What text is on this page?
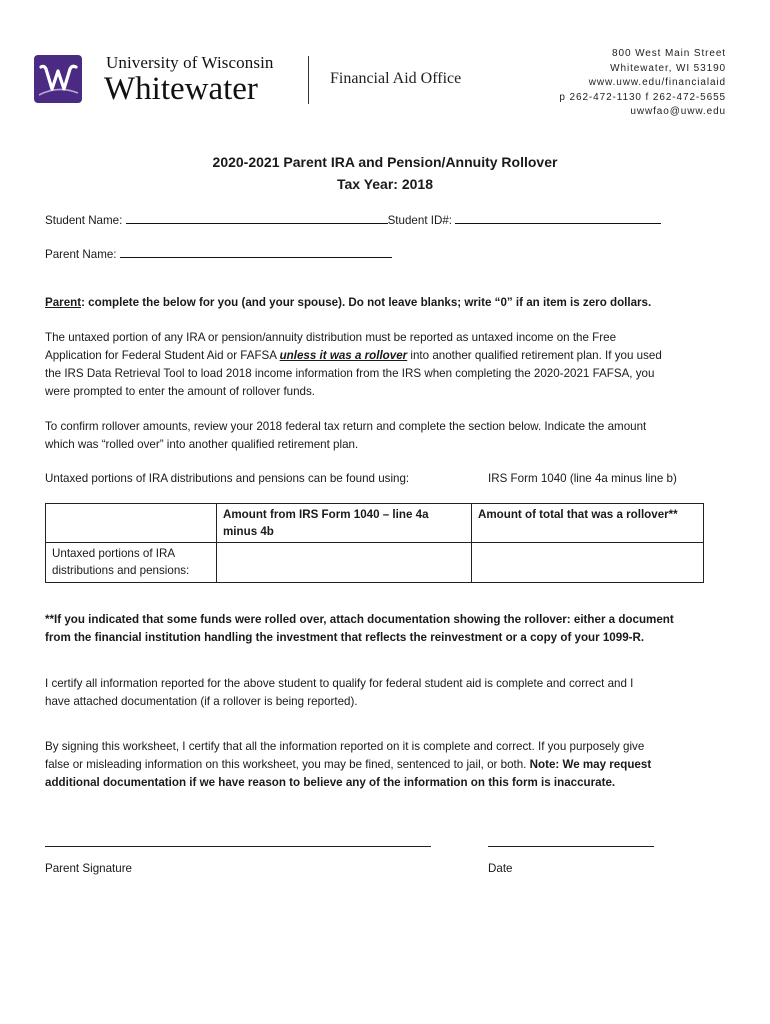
University of Wisconsin
Whitewater	Financial Aid Office
800 West Main Street
Whitewater, WI 53190
www.uww.edu/financialaid
p 262-472-1130 f 262-472-5655
uwwfao@uww.edu
2020-2021 Parent IRA and Pension/Annuity Rollover
Tax Year: 2018
Student Name:	Student ID#:
Parent Name:
Parent: complete the below for you (and your spouse). Do not leave blanks; write “0” if an item is zero dollars.
The untaxed portion of any IRA or pension/annuity distribution must be reported as untaxed income on the Free
Application for Federal Student Aid or FAFSA unless it was a rollover into another qualified retirement plan. If you used
the IRS Data Retrieval Tool to load 2018 income information from the IRS when completing the 2020-2021 FAFSA, you
were prompted to enter the amount of rollover funds.
To confirm rollover amounts, review your 2018 federal tax return and complete the section below. Indicate the amount
which was “rolled over” into another qualified retirement plan.
Untaxed portions of IRA distributions and pensions can be found using:	IRS Form 1040 (line 4a minus line b)

	Amount from IRS Form 1040 – line 4a
minus 4b	Amount of total that was a rollover**

Untaxed portions of IRA
distributions and pensions:		

**If you indicated that some funds were rolled over, attach documentation showing the rollover: either a document
from the financial institution handling the investment that reflects the reinvestment or a copy of your 1099-R.
I certify all information reported for the above student to qualify for federal student aid is complete and correct and I
have attached documentation (if a rollover is being reported).
By signing this worksheet, I certify that all the information reported on it is complete and correct. If you purposely give
false or misleading information on this worksheet, you may be fined, sentenced to jail, or both. Note: We may request
additional documentation if we have reason to believe any of the information on this form is inaccurate.
Parent Signature	Date
